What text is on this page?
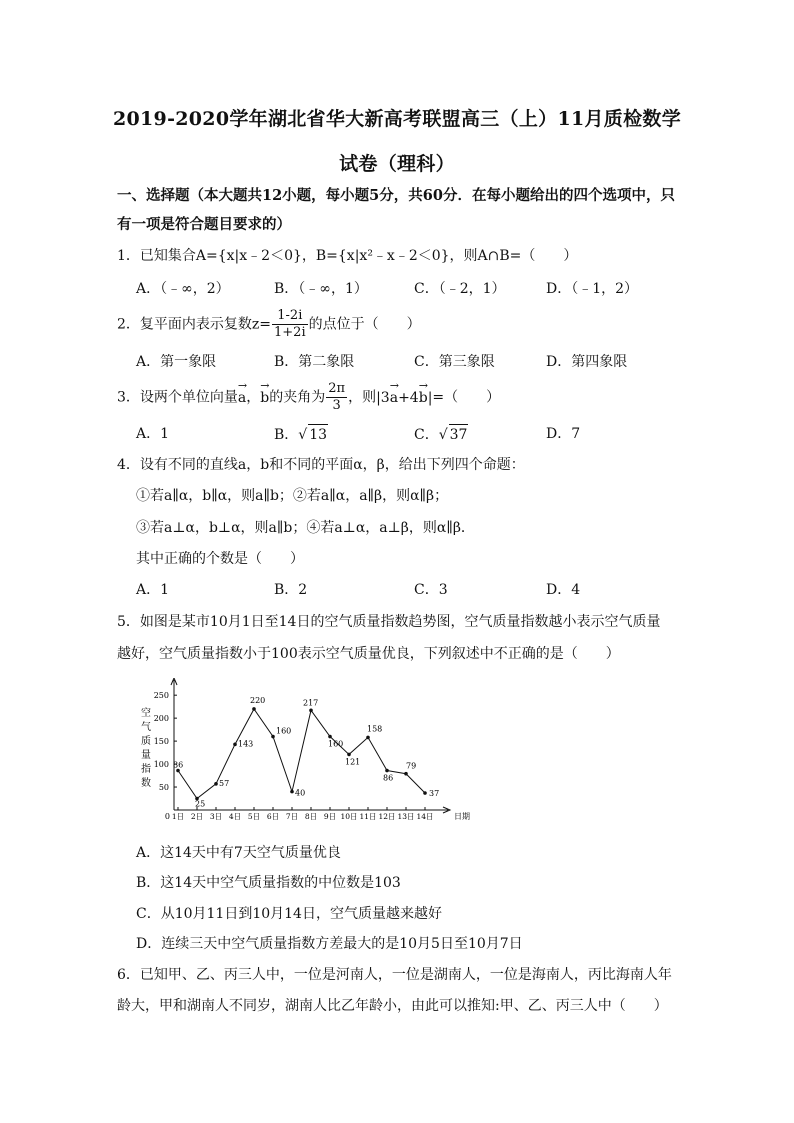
2019-2020学年湖北省华大新高考联盟高三（上）11月质检数学
试卷（理科）
一、选择题（本大题共12小题，每小题5分，共60分．在每小题给出的四个选项中，只
有一项是符合题目要求的）
1．已知集合A={x|x﹣2＜0}，B={x|x²﹣x﹣2＜0}，则A∩B=（　　）
A．（﹣∞，2）	B．（﹣∞，1）	C．（﹣2，1）	D．（﹣1，2）
2．复平面内表示复数$z= \frac{1-2i}{1+2i}$ 的点位于（　　）
A．第一象限	B．第二象限	C．第三象限	D．第四象限
3．设两个单位向量→ a，→ b的夹角为 $\frac{2\pi}{3}$ ，则|3→ a+4→ b|=（　　）
A．1	B．√ 13	C．√ 37	D．7
4．设有不同的直线a，b和不同的平面α，β，给出下列四个命题：
①若a∥α，b∥α，则a∥b；②若a∥α，a∥β，则α∥β；
③若a⊥α，b⊥α，则a∥b；④若a⊥α，a⊥β，则α∥β．
其中正确的个数是（　　）
A．1	B．2	C．3	D．4
5．如图是某市10月1日至14日的空气质量指数趋势图，空气质量指数越小表示空气质量
越好，空气质量指数小于100表示空气质量优良，下列叙述中不正确的是（　　）
空
气
质
量
指
数
86
25
57
143
220
160
40
217
160
121
158
86
79
37
1日 2日 3日 4日 5日 6日 7日 8日 9日 10日 11日 12日 13日 14日	日期
50
100
150
200
250
0
A．这14天中有7天空气质量优良
B．这14天中空气质量指数的中位数是103
C．从10月11日到10月14日，空气质量越来越好
D．连续三天中空气质量指数方差最大的是10月5日至10月7日
6．已知甲、乙、丙三人中，一位是河南人，一位是湖南人，一位是海南人，丙比海南人年
龄大，甲和湖南人不同岁，湖南人比乙年龄小，由此可以推知:甲、乙、丙三人中（　　）
